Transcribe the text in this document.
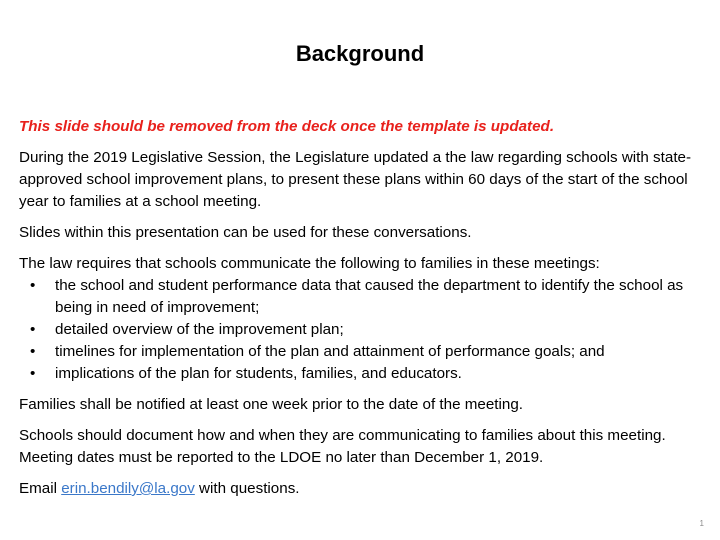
Background

This slide should be removed from the deck once the template is updated.

During the 2019 Legislative Session, the Legislature updated a the law regarding schools with state-approved school improvement plans, to present these plans within 60 days of the start of the school year to families at a school meeting.

Slides within this presentation can be used for these conversations.

The law requires that schools communicate the following to families in these meetings:

• the school and student performance data that caused the department to identify the school as being in need of improvement;
• detailed overview of the improvement plan;
• timelines for implementation of the plan and attainment of performance goals; and
• implications of the plan for students, families, and educators.

Families shall be notified at least one week prior to the date of the meeting.

Schools should document how and when they are communicating to families about this meeting. Meeting dates must be reported to the LDOE no later than December 1, 2019.

Email erin.bendily@la.gov with questions.

1
